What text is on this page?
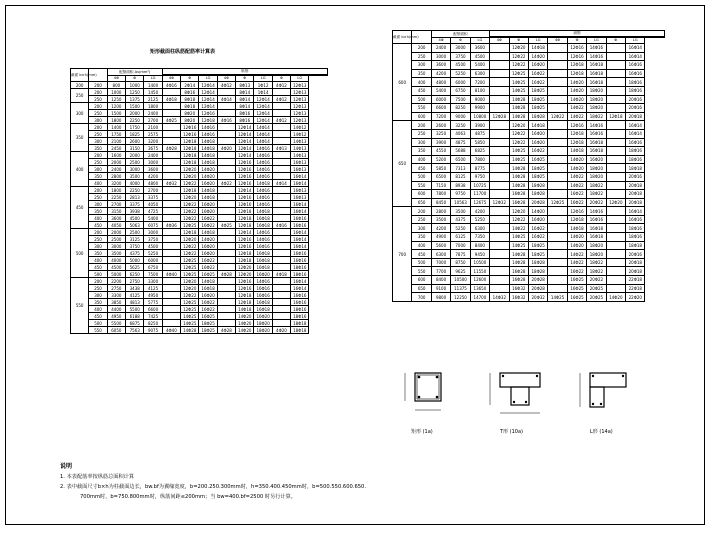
矩形截面柱纵筋配筋率计算表
截面 b×h(mm)		配筋面积 As(mm²)			纵筋								

		4Φ	Φ	LG	4Φ	Φ	LG	4Φ	Φ	LG	Φ	LG	
200	200	800	1000	1400	4Φ16	2Φ14	12Φ14	4Φ12	8Φ13	1Φ12	4Φ12	12Φ13	
250	200	1000	1250	1450		8Φ16	12Φ14		8Φ14	1Φ14		12Φ13	
	250	1250	1375	2125	4Φ18	8Φ18	12Φ14	4Φ14	8Φ14	12Φ14	4Φ12	12Φ13	
300	200	1200	1500	1800		8Φ18	12Φ14		8Φ14	12Φ14		12Φ13	
	250	1500	2000	2400		8Φ20	12Φ16		8Φ16	12Φ14		12Φ13	
	300	1800	2250	2700	4Φ25	8Φ20	12Φ18	4Φ16	8Φ16	12Φ14	4Φ12	12Φ13	
350	200	1400	1750	2100		12Φ16	14Φ16		12Φ14	14Φ14		14Φ12	
	250	1750	1825	2575		12Φ16	14Φ16		12Φ14	14Φ14		14Φ12	
	300	2100	2600	3200		12Φ18	14Φ18		12Φ14	14Φ14		14Φ13	
	350	2450	3150	3675	4Φ28	12Φ18	14Φ18	4Φ20	12Φ14	14Φ16	4Φ13	14Φ13	
400	200	1600	2000	2400		12Φ18	14Φ18		12Φ14	14Φ16		14Φ13	
	250	2000	2500	3000		12Φ18	14Φ18		12Φ16	14Φ16		16Φ13	
	300	2400	3000	3600		12Φ20	14Φ20		12Φ16	14Φ16		16Φ13	
	350	2800	3500	4200		12Φ20	14Φ20		12Φ16	14Φ16		16Φ14	
	400	3200	4000	4800	4Φ32	12Φ22	16Φ20	4Φ22	12Φ16	14Φ18	4Φ14	16Φ14	
450	200	1800	2250	2700		12Φ18	14Φ18		12Φ14	14Φ16		16Φ13	
	250	2250	2813	3375		12Φ20	14Φ18		12Φ16	14Φ16		16Φ13	
	300	2700	3375	4050		12Φ22	16Φ20		12Φ16	14Φ16		16Φ14	
	350	3150	3938	4725		12Φ22	16Φ20		12Φ18	14Φ18		16Φ14	
	400	3600	4500	5400		12Φ22	16Φ22		12Φ18	16Φ18		16Φ16	
	450	4050	5063	6075	4Φ36	12Φ25	16Φ22	4Φ25	12Φ18	16Φ18	4Φ16	16Φ16	
500	200	2000	2500	3000		12Φ18	14Φ18		12Φ14	14Φ16		16Φ14	
	250	2500	3125	3750		12Φ20	14Φ20		12Φ16	14Φ16		16Φ14	
	300	3000	3750	4500		12Φ22	16Φ20		12Φ16	16Φ16		16Φ14	
	350	3500	4375	5250		12Φ22	16Φ20		12Φ18	16Φ18		16Φ16	
	400	4000	5000	6000		12Φ25	16Φ22		12Φ18	16Φ18		16Φ16	
	450	4500	5625	6750		12Φ25	16Φ22		12Φ20	16Φ18		18Φ16	
	500	5000	6250	7500	4Φ40	12Φ25	16Φ25	4Φ28	12Φ20	16Φ20	4Φ18	18Φ16	
550	200	2200	2750	3300		12Φ20	14Φ18		12Φ16	14Φ16		16Φ14	
	250	2750	3438	4125		12Φ20	16Φ18		12Φ16	16Φ16		16Φ14	
	300	3300	4125	4950		12Φ22	16Φ20		12Φ18	16Φ16		16Φ16	
	350	3850	4813	5775		12Φ25	16Φ22		12Φ18	16Φ18		16Φ16	
	400	4400	5500	6600		12Φ25	16Φ22		14Φ18	16Φ18		18Φ16	
	450	4950	6188	7425		14Φ25	16Φ25		14Φ20	16Φ20		18Φ16	
	500	5500	6875	8250		14Φ25	18Φ25		14Φ20	18Φ20		18Φ18	
	550	6050	7563	9075	4Φ40	14Φ28	18Φ25	4Φ28	14Φ20	18Φ20	4Φ20	18Φ18	
截面 b×h(mm)		配筋面积			纵筋								

		4Φ	Φ	LG	4Φ	Φ	LG	4Φ	Φ	LG	Φ	LG	
600	200	2400	3000	3600		12Φ20	14Φ18		12Φ16	14Φ16		16Φ14	
	250	3000	3750	4500		12Φ22	14Φ20		12Φ16	14Φ16		16Φ14	
	300	3600	4500	5400		12Φ22	16Φ20		12Φ18	16Φ18		16Φ16	
	350	4200	5250	6300		12Φ25	16Φ22		12Φ18	16Φ18		16Φ16	
	400	4800	6000	7200		14Φ25	16Φ22		14Φ20	16Φ18		18Φ16	
	450	5400	6750	8100		14Φ25	18Φ25		14Φ20	18Φ20		18Φ16	
	500	6000	7500	9000		14Φ28	18Φ25		14Φ20	18Φ20		20Φ16	
	550	6600	8250	9900		14Φ28	18Φ25		14Φ22	18Φ20		20Φ16	
	600	7200	9000	10800	12Φ28	14Φ28	18Φ28	12Φ22	14Φ22	18Φ22	12Φ18	20Φ18	
650	200	2600	3250	3900		12Φ20	14Φ18		12Φ16	14Φ16		16Φ14	
	250	3250	4063	4875		12Φ22	16Φ20		12Φ18	16Φ16		16Φ14	
	300	3900	4875	5850		12Φ22	16Φ20		12Φ18	16Φ18		16Φ16	
	350	4550	5688	6825		14Φ25	16Φ22		14Φ18	16Φ18		18Φ16	
	400	5200	6500	7800		14Φ25	16Φ25		14Φ20	16Φ20		18Φ16	
	450	5850	7313	8775		14Φ28	18Φ25		14Φ20	18Φ20		18Φ18	
	500	6500	8125	9750		14Φ28	18Φ25		14Φ22	18Φ20		20Φ16	
	550	7150	8938	10725		14Φ28	18Φ28		14Φ22	18Φ22		20Φ18	
	600	7800	9750	11700		16Φ28	18Φ28		16Φ22	18Φ22		20Φ18	
	650	8450	10563	12675	12Φ32	16Φ28	20Φ28	12Φ25	16Φ22	20Φ22	12Φ20	20Φ18	
700	200	2800	3500	4200		12Φ20	14Φ20		12Φ16	14Φ16		16Φ14	
	250	3500	4375	5250		12Φ22	16Φ20		12Φ18	16Φ16		16Φ16	
	300	4200	5250	6300		14Φ22	16Φ22		14Φ18	16Φ18		18Φ16	
	350	4900	6125	7350		14Φ25	16Φ22		14Φ20	16Φ18		18Φ16	
	400	5600	7000	8400		14Φ25	18Φ25		14Φ20	18Φ20		18Φ18	
	450	6300	7875	9450		14Φ28	18Φ25		14Φ22	18Φ20		20Φ16	
	500	7000	8750	10500		14Φ28	18Φ28		14Φ22	18Φ22		20Φ18	
	550	7700	9625	11550		16Φ28	18Φ28		16Φ22	18Φ22		20Φ18	
	600	8400	10500	12600		16Φ28	20Φ28		16Φ25	20Φ22		22Φ18	
	650	9100	11375	13650		16Φ32	20Φ28		16Φ25	20Φ25		22Φ18	
	700	9800	12250	14700	14Φ32	16Φ32	20Φ32	14Φ25	16Φ25	20Φ25	14Φ20	22Φ20	
矩形 (1a)	T形 (10a)	L形 (14a)
说明
1. 本表配筋率按纵筋总面积计算
2. 表中截面尺寸b×h为柱截面边长，bw.bf为翼缘宽度，b=200.250.300mm时，h=350.400.450mm时，b=500.550.600.650.
700mm时，b=750.800mm时，纵筋间距≤200mm；当 bw=400.bf=2500 时另行计算。
